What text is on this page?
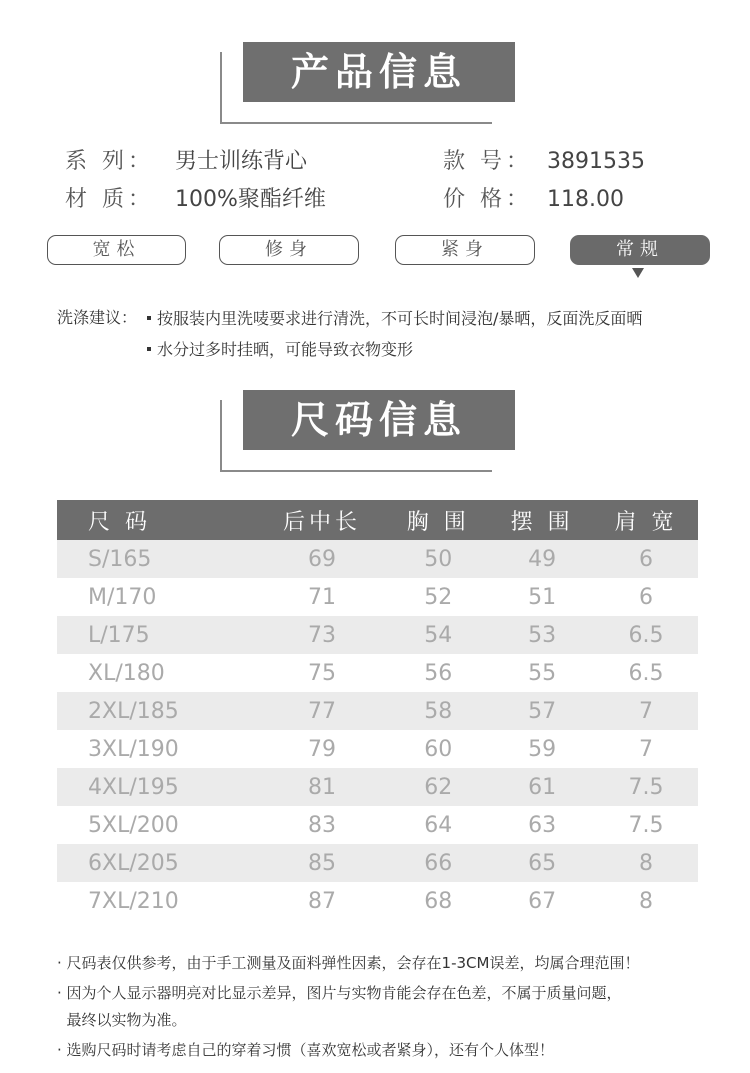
产品信息
系 列： 男士训练背心	款 号： 3891535
材 质： 100%聚酯纤维	价 格： 118.00
宽松	修身	紧身	常规
洗涤建议：	按服装内里洗唛要求进行清洗，不可长时间浸泡/暴晒，反面洗反面晒
水分过多时挂晒，可能导致衣物变形
尺码信息
尺 码	后中长	胸 围	摆 围	肩 宽
S/165	69	50	49	6
M/170	71	52	51	6
L/175	73	54	53	6.5
XL/180	75	56	55	6.5
2XL/185	77	58	57	7
3XL/190	79	60	59	7
4XL/195	81	62	61	7.5
5XL/200	83	64	63	7.5
6XL/205	85	66	65	8
7XL/210	87	68	67	8
· 尺码表仅供参考，由于手工测量及面料弹性因素，会存在1-3CM误差，均属合理范围！
· 因为个人显示器明亮对比显示差异，图片与实物肯能会存在色差，不属于质量问题，
最终以实物为准。
· 选购尺码时请考虑自己的穿着习惯（喜欢宽松或者紧身），还有个人体型！
